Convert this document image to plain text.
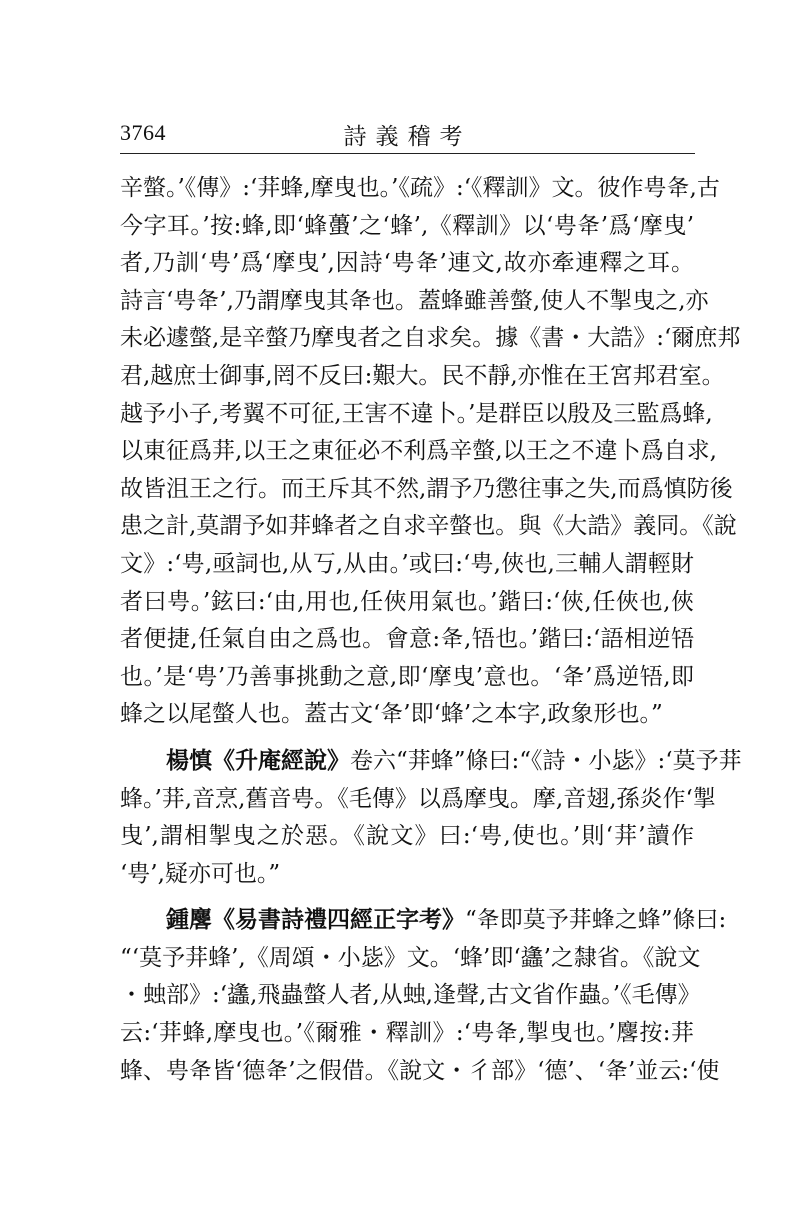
3764	詩義稽考
辛螫。’《傳》:‘荓蜂,摩曳也。’《疏》:‘《釋訓》文。彼作甹夅,古
今字耳。’按:蜂,即‘蜂蠆’之‘蜂’,《釋訓》以‘甹夅’爲‘摩曳’
者,乃訓‘甹’爲‘摩曳’,因詩‘甹夅’連文,故亦牽連釋之耳。
詩言‘甹夅’,乃謂摩曳其夅也。蓋蜂雖善螫,使人不掣曳之,亦
未必遽螫,是辛螫乃摩曳者之自求矣。據《書・大誥》:‘爾庶邦
君,越庶士御事,罔不反曰:艱大。民不靜,亦惟在王宮邦君室。
越予小子,考翼不可征,王害不違卜。’是群臣以殷及三監爲蜂,
以東征爲荓,以王之東征必不利爲辛螫,以王之不違卜爲自求,
故皆沮王之行。而王斥其不然,謂予乃懲往事之失,而爲慎防後
患之計,莫謂予如荓蜂者之自求辛螫也。與《大誥》義同。《說
文》:‘甹,亟詞也,从丂,从由。’或曰:‘甹,俠也,三輔人謂輕財
者曰甹。’鉉曰:‘由,用也,任俠用氣也。’鍇曰:‘俠,任俠也,俠
者便捷,任氣自由之爲也。會意:夅,啎也。’鍇曰:‘語相逆啎
也。’是‘甹’乃善事挑動之意,即‘摩曳’意也。‘夅’爲逆啎,即
蜂之以尾螫人也。蓋古文‘夅’即‘蜂’之本字,政象形也。”
楊慎《升庵經說》卷六“荓蜂”條曰:“《詩・小毖》:‘莫予荓
蜂。’荓,音烹,舊音甹。《毛傳》以爲摩曳。摩,音翅,孫炎作‘掣
曳’,謂相掣曳之於惡。《說文》曰:‘甹,使也。’則‘荓’讀作
‘甹’,疑亦可也。”
鍾麐《易書詩禮四經正字考》“夅即莫予荓蜂之蜂”條曰:
“‘莫予荓蜂’,《周頌・小毖》文。‘蜂’即‘蠭’之隸省。《說文
・䖵部》:‘蠭,飛蟲螫人者,从䖵,逢聲,古文省作蟲。’《毛傳》
云:‘荓蜂,摩曳也。’《爾雅・釋訓》:‘甹夅,掣曳也。’麐按:荓
蜂、甹夅皆‘德夅’之假借。《說文・彳部》‘德’、‘夅’並云:‘使
